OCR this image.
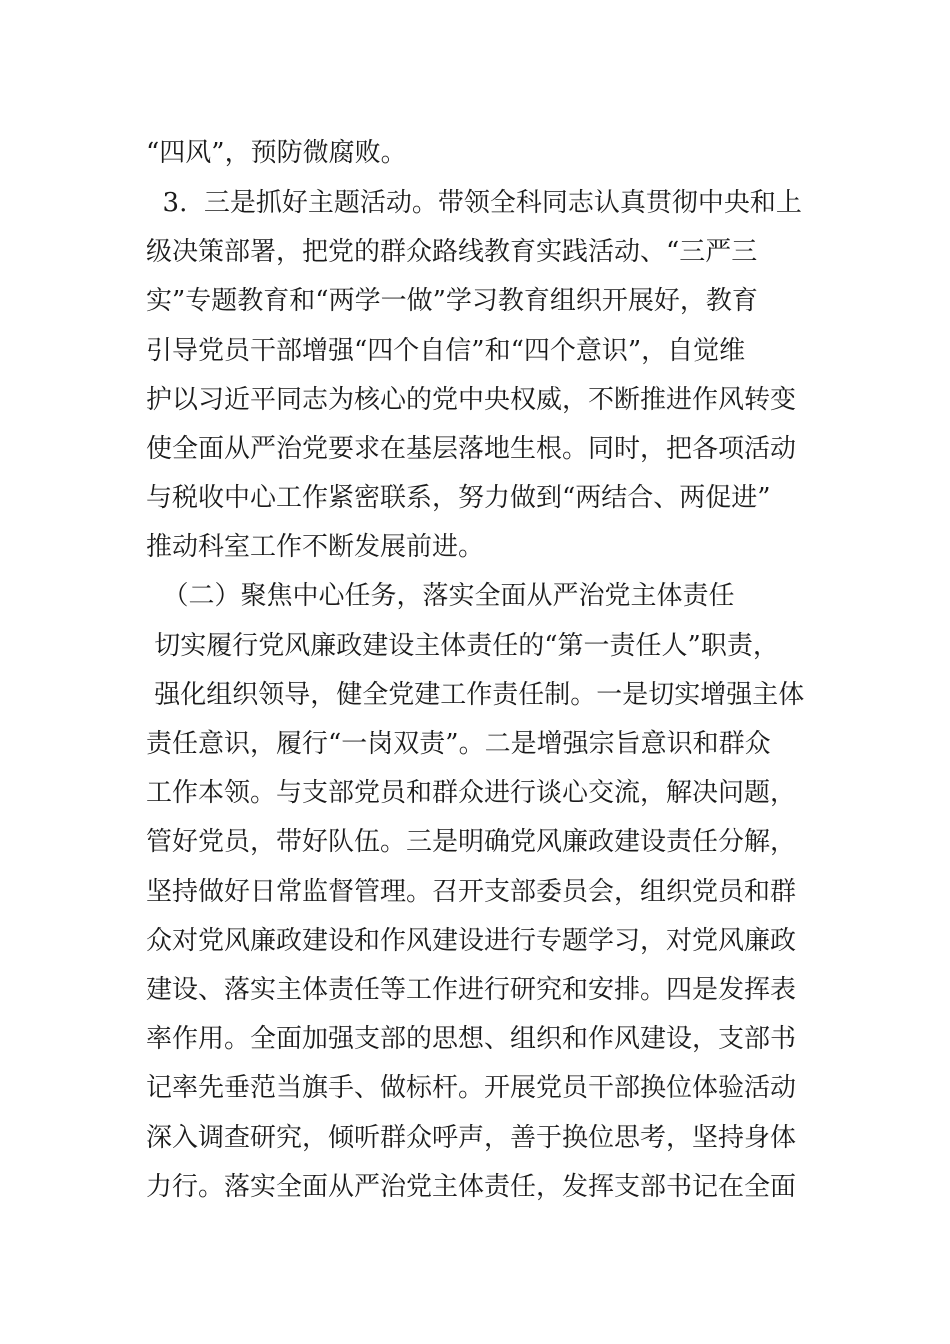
“四风”，预防微腐败。

3.  三是抓好主题活动。带领全科同志认真贯彻中央和上

级决策部署，把党的群众路线教育实践活动、“三严三

实”专题教育和“两学一做”学习教育组织开展好，教育

引导党员干部增强“四个自信”和“四个意识”，自觉维

护以习近平同志为核心的党中央权威，不断推进作风转变

使全面从严治党要求在基层落地生根。同时，把各项活动

与税收中心工作紧密联系，努力做到“两结合、两促进”

推动科室工作不断发展前进。

（二）聚焦中心任务，落实全面从严治党主体责任

切实履行党风廉政建设主体责任的“第一责任人”职责，

强化组织领导，健全党建工作责任制。一是切实增强主体

责任意识，履行“一岗双责”。二是增强宗旨意识和群众

工作本领。与支部党员和群众进行谈心交流，解决问题，

管好党员，带好队伍。三是明确党风廉政建设责任分解，

坚持做好日常监督管理。召开支部委员会，组织党员和群

众对党风廉政建设和作风建设进行专题学习，对党风廉政

建设、落实主体责任等工作进行研究和安排。四是发挥表

率作用。全面加强支部的思想、组织和作风建设，支部书

记率先垂范当旗手、做标杆。开展党员干部换位体验活动

深入调查研究，倾听群众呼声，善于换位思考，坚持身体

力行。落实全面从严治党主体责任，发挥支部书记在全面
